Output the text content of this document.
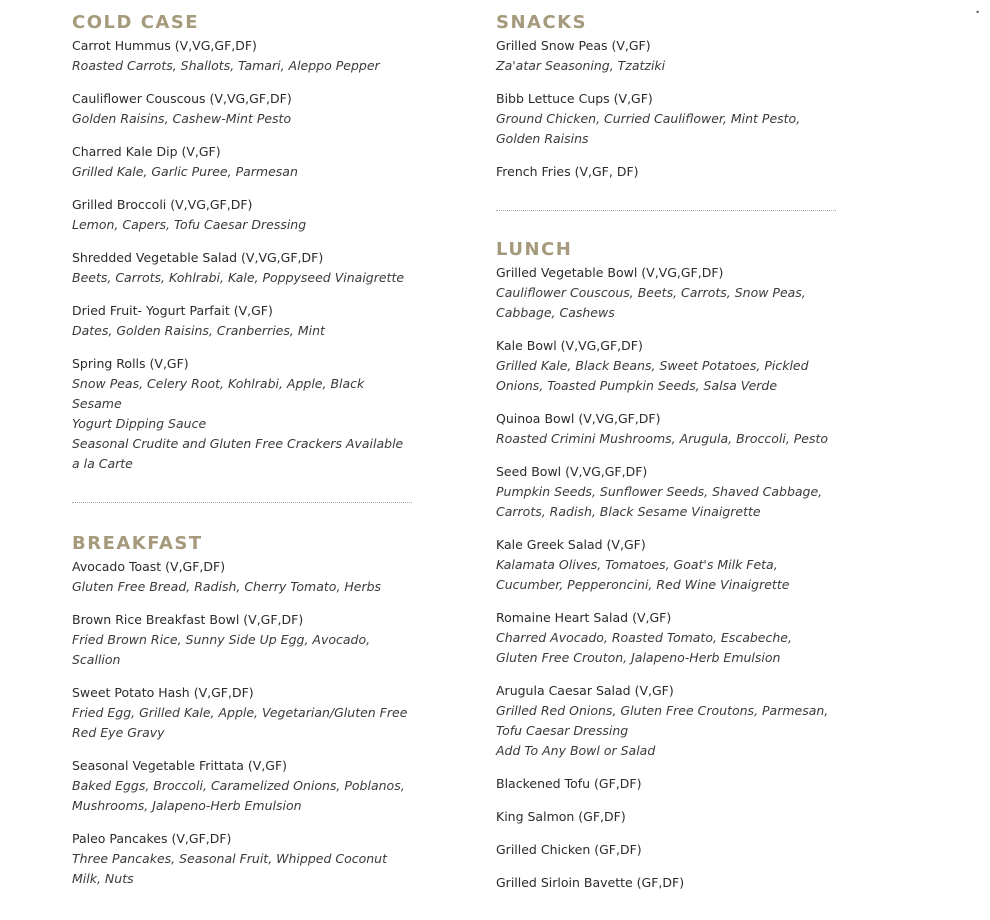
•
COLD CASE
Carrot Hummus (V,VG,GF,DF)
Roasted Carrots, Shallots, Tamari, Aleppo Pepper
Cauliflower Couscous (V,VG,GF,DF)
Golden Raisins, Cashew-Mint Pesto
Charred Kale Dip (V,GF)
Grilled Kale, Garlic Puree, Parmesan
Grilled Broccoli (V,VG,GF,DF)
Lemon, Capers, Tofu Caesar Dressing
Shredded Vegetable Salad (V,VG,GF,DF)
Beets, Carrots, Kohlrabi, Kale, Poppyseed Vinaigrette
Dried Fruit- Yogurt Parfait (V,GF)
Dates, Golden Raisins, Cranberries, Mint
Spring Rolls (V,GF)
Snow Peas, Celery Root, Kohlrabi, Apple, Black Sesame
Yogurt Dipping Sauce
Seasonal Crudite and Gluten Free Crackers Available a la Carte
BREAKFAST
Avocado Toast (V,GF,DF)
Gluten Free Bread, Radish, Cherry Tomato, Herbs
Brown Rice Breakfast Bowl (V,GF,DF)
Fried Brown Rice, Sunny Side Up Egg, Avocado, Scallion
Sweet Potato Hash (V,GF,DF)
Fried Egg, Grilled Kale, Apple, Vegetarian/Gluten Free Red Eye Gravy
Seasonal Vegetable Frittata (V,GF)
Baked Eggs, Broccoli, Caramelized Onions, Poblanos, Mushrooms, Jalapeno-Herb Emulsion
Paleo Pancakes (V,GF,DF)
Three Pancakes, Seasonal Fruit, Whipped Coconut Milk, Nuts
SNACKS
Grilled Snow Peas (V,GF)
Za'atar Seasoning, Tzatziki
Bibb Lettuce Cups (V,GF)
Ground Chicken, Curried Cauliflower, Mint Pesto, Golden Raisins
French Fries (V,GF, DF)
LUNCH
Grilled Vegetable Bowl (V,VG,GF,DF)
Cauliflower Couscous, Beets, Carrots, Snow Peas, Cabbage, Cashews
Kale Bowl (V,VG,GF,DF)
Grilled Kale, Black Beans, Sweet Potatoes, Pickled Onions, Toasted Pumpkin Seeds, Salsa Verde
Quinoa Bowl (V,VG,GF,DF)
Roasted Crimini Mushrooms, Arugula, Broccoli, Pesto
Seed Bowl (V,VG,GF,DF)
Pumpkin Seeds, Sunflower Seeds, Shaved Cabbage, Carrots, Radish, Black Sesame Vinaigrette
Kale Greek Salad (V,GF)
Kalamata Olives, Tomatoes, Goat's Milk Feta, Cucumber, Pepperoncini, Red Wine Vinaigrette
Romaine Heart Salad (V,GF)
Charred Avocado, Roasted Tomato, Escabeche, Gluten Free Crouton, Jalapeno-Herb Emulsion
Arugula Caesar Salad (V,GF)
Grilled Red Onions, Gluten Free Croutons, Parmesan, Tofu Caesar Dressing
Add To Any Bowl or Salad
Blackened Tofu (GF,DF)
King Salmon (GF,DF)
Grilled Chicken (GF,DF)
Grilled Sirloin Bavette (GF,DF)
